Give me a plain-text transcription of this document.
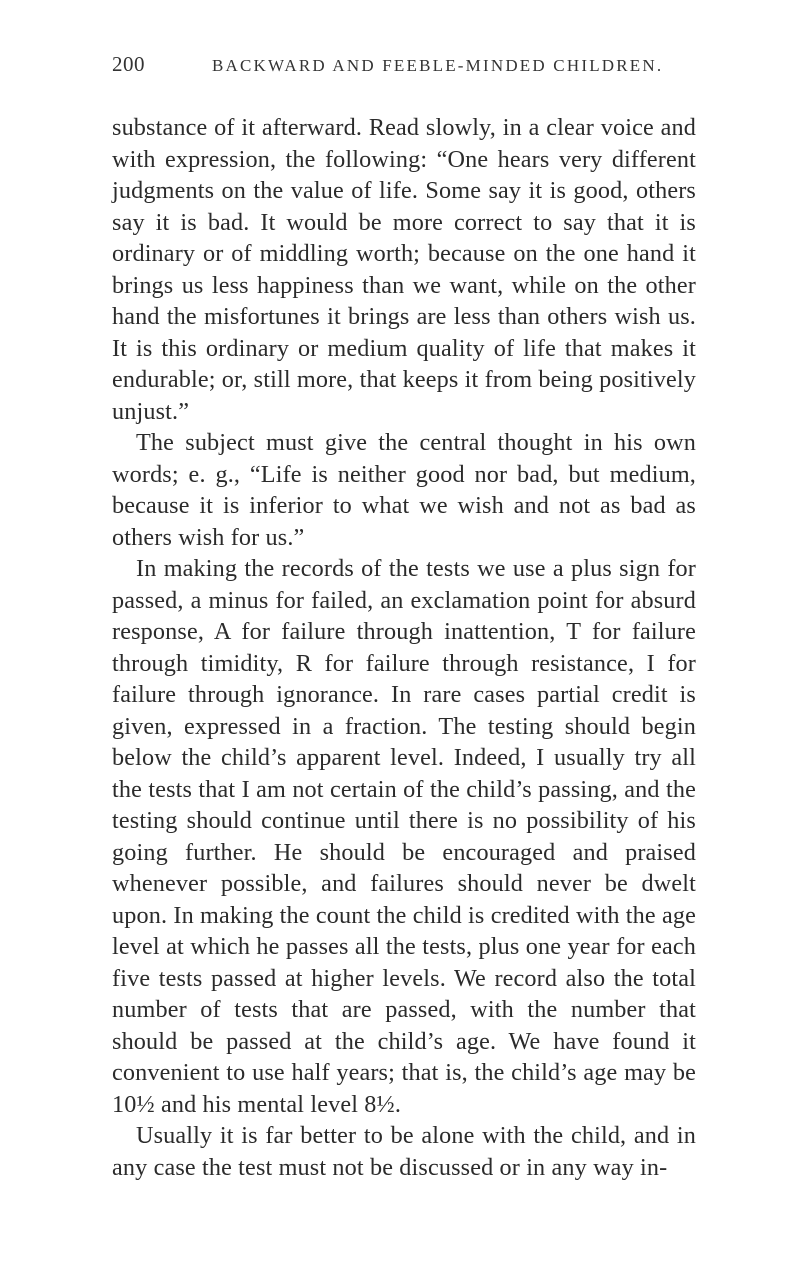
200	BACKWARD AND FEEBLE-MINDED CHILDREN.

substance of it afterward. Read slowly, in a clear voice and with expression, the following: “One hears very different judgments on the value of life. Some say it is good, others say it is bad. It would be more correct to say that it is ordinary or of middling worth; because on the one hand it brings us less happiness than we want, while on the other hand the misfortunes it brings are less than others wish us. It is this ordinary or medium quality of life that makes it endurable; or, still more, that keeps it from being positively unjust.”

The subject must give the central thought in his own words; e. g., “Life is neither good nor bad, but medium, because it is inferior to what we wish and not as bad as others wish for us.”

In making the records of the tests we use a plus sign for passed, a minus for failed, an exclamation point for absurd response, A for failure through inattention, T for failure through timidity, R for failure through resistance, I for failure through ignorance. In rare cases partial credit is given, expressed in a fraction. The testing should begin below the child’s apparent level. Indeed, I usually try all the tests that I am not certain of the child’s passing, and the testing should continue until there is no possibility of his going further. He should be encouraged and praised whenever possible, and failures should never be dwelt upon. In making the count the child is credited with the age level at which he passes all the tests, plus one year for each five tests passed at higher levels. We record also the total number of tests that are passed, with the number that should be passed at the child’s age. We have found it convenient to use half years; that is, the child’s age may be 10½ and his mental level 8½.

Usually it is far better to be alone with the child, and in any case the test must not be discussed or in any way in-
